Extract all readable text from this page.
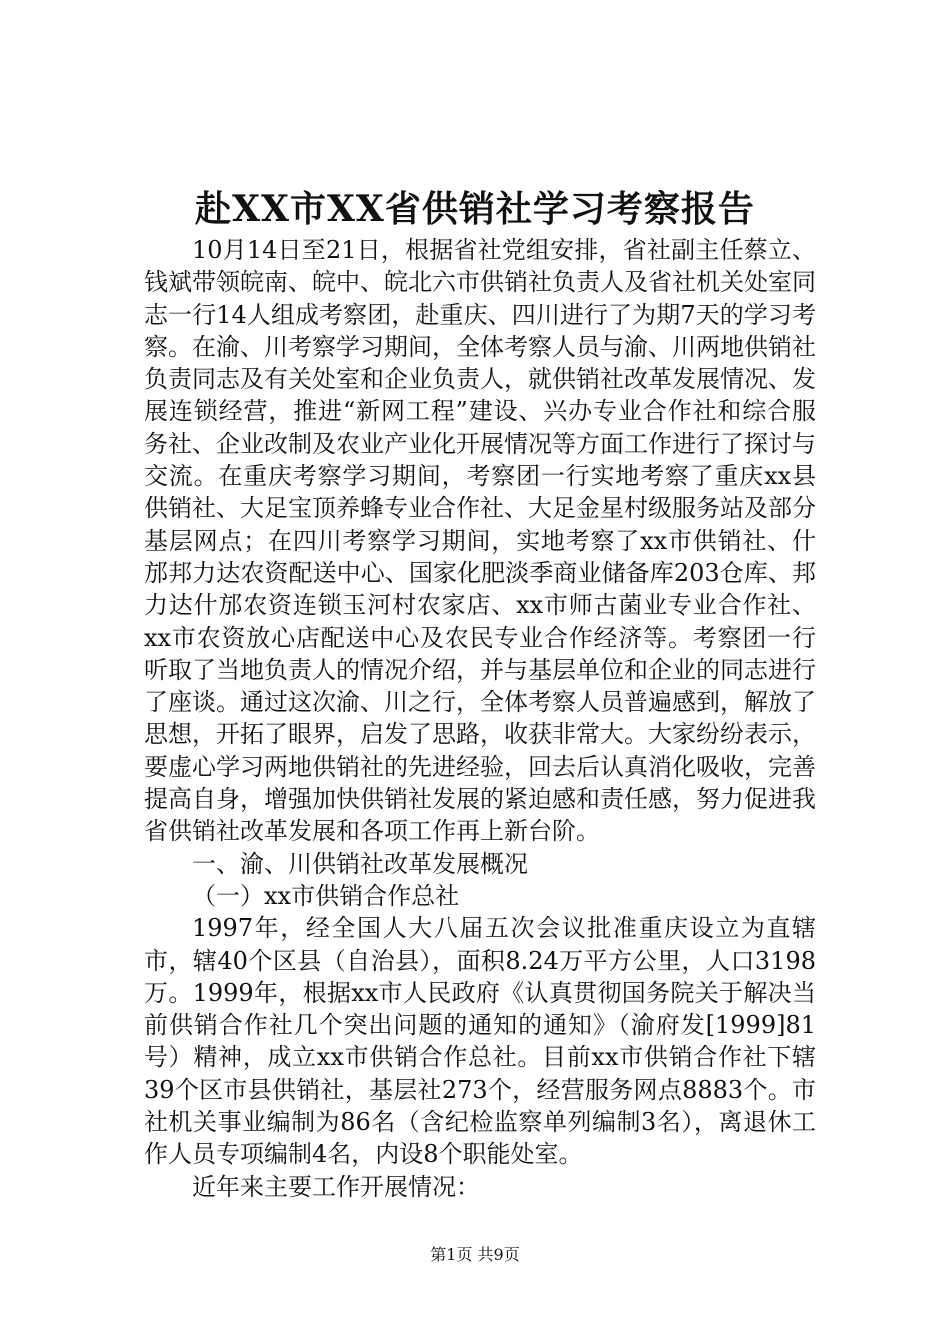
赴XX市XX省供销社学习考察报告

10月14日至21日，根据省社党组安排，省社副主任蔡立、钱斌带领皖南、皖中、皖北六市供销社负责人及省社机关处室同志一行14人组成考察团，赴重庆、四川进行了为期7天的学习考察。在渝、川考察学习期间，全体考察人员与渝、川两地供销社负责同志及有关处室和企业负责人，就供销社改革发展情况、发展连锁经营，推进“新网工程”建设、兴办专业合作社和综合服务社、企业改制及农业产业化开展情况等方面工作进行了探讨与交流。在重庆考察学习期间，考察团一行实地考察了重庆xx县供销社、大足宝顶养蜂专业合作社、大足金星村级服务站及部分基层网点；在四川考察学习期间，实地考察了xx市供销社、什邡邦力达农资配送中心、国家化肥淡季商业储备库203仓库、邦力达什邡农资连锁玉河村农家店、xx市师古菌业专业合作社、xx市农资放心店配送中心及农民专业合作经济等。考察团一行听取了当地负责人的情况介绍，并与基层单位和企业的同志进行了座谈。通过这次渝、川之行，全体考察人员普遍感到，解放了思想，开拓了眼界，启发了思路，收获非常大。大家纷纷表示，要虚心学习两地供销社的先进经验，回去后认真消化吸收，完善提高自身，增强加快供销社发展的紧迫感和责任感，努力促进我省供销社改革发展和各项工作再上新台阶。

一、渝、川供销社改革发展概况

（一）xx市供销合作总社

1997年，经全国人大八届五次会议批准重庆设立为直辖市，辖40个区县（自治县），面积8.24万平方公里，人口3198万。1999年，根据xx市人民政府《认真贯彻国务院关于解决当前供销合作社几个突出问题的通知的通知》（渝府发[1999]81号）精神，成立xx市供销合作总社。目前xx市供销合作社下辖39个区市县供销社，基层社273个，经营服务网点8883个。市社机关事业编制为86名（含纪检监察单列编制3名），离退休工作人员专项编制4名，内设8个职能处室。

近年来主要工作开展情况：

第1页 共9页
